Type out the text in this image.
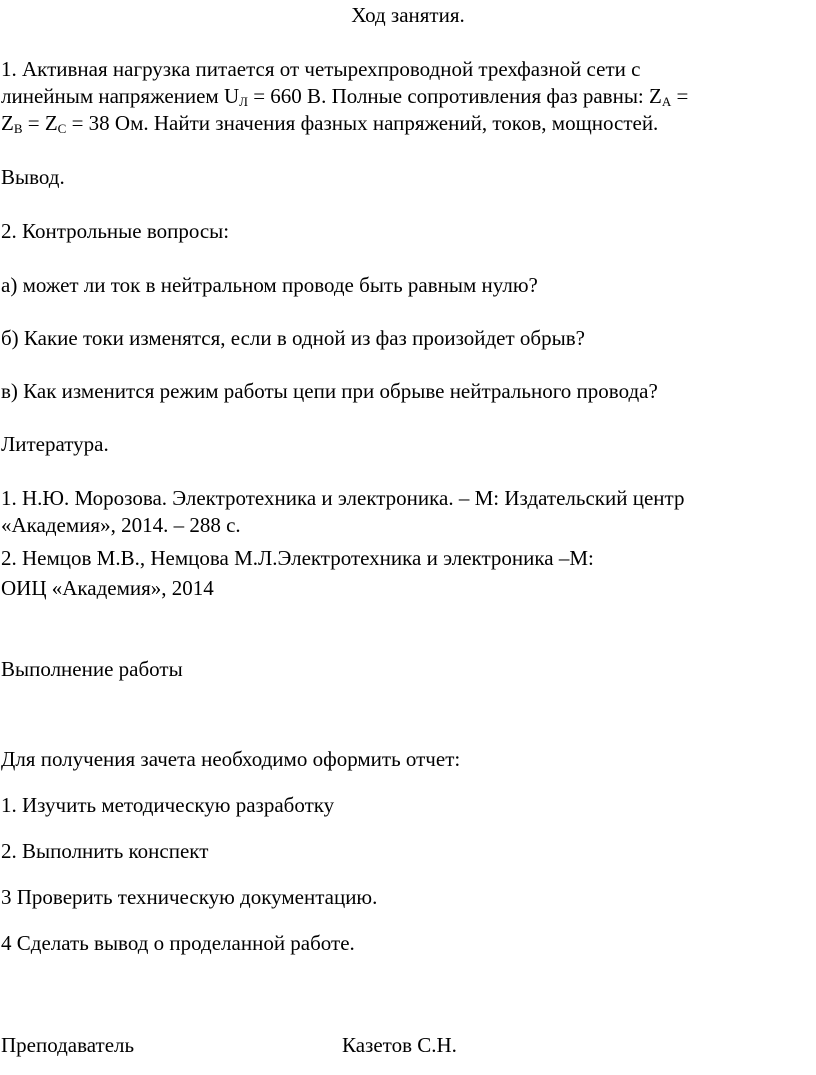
Ход занятия.
1. Активная нагрузка питается от четырехпроводной трехфазной сети с
линейным напряжением $U_Л = 660$ В. Полные сопротивления фаз равны: $Z_A$ =
$Z_B = Z_C = 38$ Ом. Найти значения фазных напряжений, токов, мощностей.
Вывод.
2. Контрольные вопросы:
а) может ли ток в нейтральном проводе быть равным нулю?
б) Какие токи изменятся, если в одной из фаз произойдет обрыв?
в) Как изменится режим работы цепи при обрыве нейтрального провода?
Литература.
1. Н.Ю. Морозова. Электротехника и электроника. – М: Издательский центр
«Академия», 2014. – 288 с.
2. Немцов М.В., Немцова М.Л.Электротехника и электроника –М:
ОИЦ «Академия», 2014
Выполнение работы
Для получения зачета необходимо оформить отчет:
1. Изучить методическую разработку
2. Выполнить конспект
3 Проверить техническую документацию.
4 Сделать вывод о проделанной работе.
Преподаватель	Казетов С.Н.
